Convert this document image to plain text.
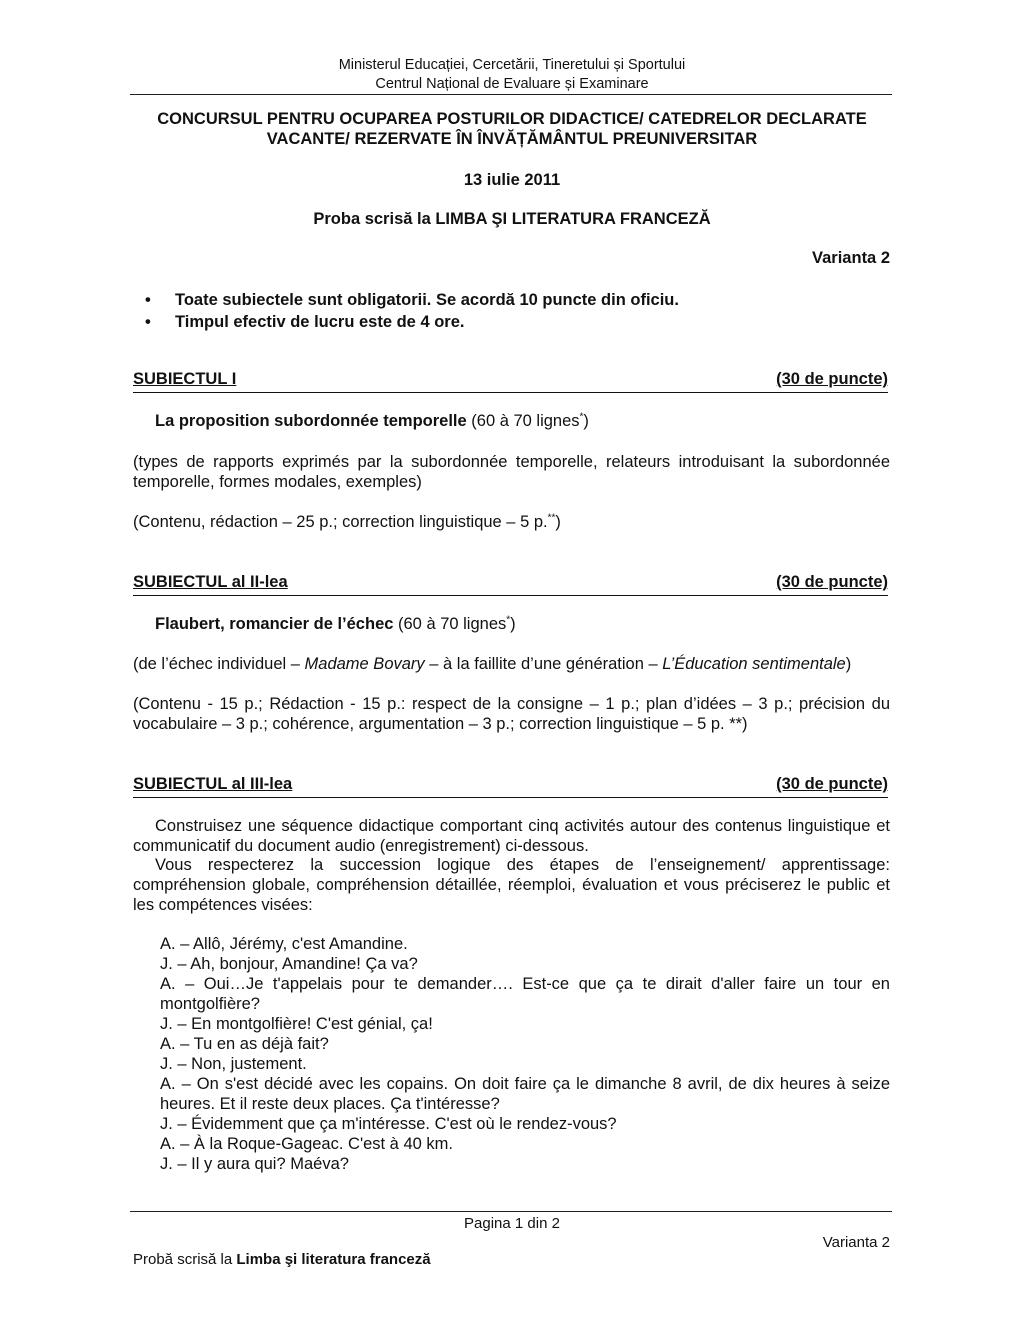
Ministerul Educației, Cercetării, Tineretului și Sportului
Centrul Național de Evaluare și Examinare
CONCURSUL PENTRU OCUPAREA POSTURILOR DIDACTICE/ CATEDRELOR DECLARATE
VACANTE/ REZERVATE ÎN ÎNVĂȚĂMÂNTUL PREUNIVERSITAR
13 iulie 2011
Proba scrisă la LIMBA ŞI LITERATURA FRANCEZĂ
Varianta 2
• Toate subiectele sunt obligatorii. Se acordă 10 puncte din oficiu.
• Timpul efectiv de lucru este de 4 ore.
SUBIECTUL I	(30 de puncte)
La proposition subordonnée temporelle (60 à 70 lignes*)
(types de rapports exprimés par la subordonnée temporelle, relateurs introduisant la subordonnée temporelle, formes modales, exemples)
(Contenu, rédaction – 25 p.; correction linguistique – 5 p.**)
SUBIECTUL al II-lea	(30 de puncte)
Flaubert, romancier de l’échec (60 à 70 lignes*)
(de l’échec individuel – Madame Bovary – à la faillite d’une génération – L’Éducation sentimentale)
(Contenu - 15 p.; Rédaction - 15 p.: respect de la consigne – 1 p.; plan d’idées – 3 p.; précision du vocabulaire – 3 p.; cohérence, argumentation – 3 p.; correction linguistique – 5 p. **)
SUBIECTUL al III-lea	(30 de puncte)
Construisez une séquence didactique comportant cinq activités autour des contenus linguistique et communicatif du document audio (enregistrement) ci-dessous.
Vous respecterez la succession logique des étapes de l’enseignement/ apprentissage: compréhension globale, compréhension détaillée, réemploi, évaluation et vous préciserez le public et les compétences visées:
A. – Allô, Jérémy, c'est Amandine.
J. – Ah, bonjour, Amandine! Ça va?
A. – Oui…Je t'appelais pour te demander…. Est-ce que ça te dirait d'aller faire un tour en montgolfière?
J. – En montgolfière! C'est génial, ça!
A. – Tu en as déjà fait?
J. – Non, justement.
A. – On s'est décidé avec les copains. On doit faire ça le dimanche 8 avril, de dix heures à seize heures. Et il reste deux places. Ça t'intéresse?
J. – Évidemment que ça m'intéresse. C'est où le rendez-vous?
A. – À la Roque-Gageac. C'est à 40 km.
J. – Il y aura qui? Maéva?
Pagina 1 din 2
Varianta 2
Probă scrisă la Limba şi literatura franceză
